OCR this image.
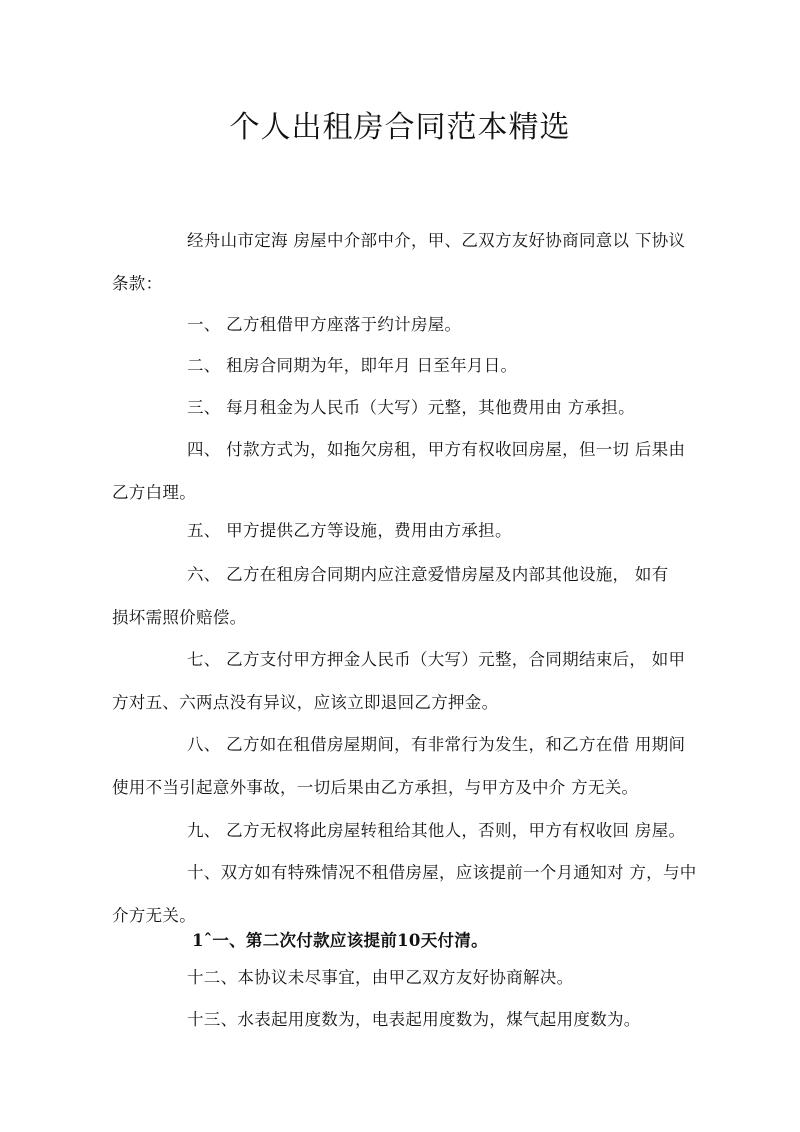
个人出租房合同范本精选
经舟山市定海 房屋中介部中介，甲、乙双方友好协商同意以 下协议
条款：
一、 乙方租借甲方座落于约计房屋。
二、 租房合同期为年，即年月 日至年月日。
三、 每月租金为人民币（大写）元整，其他费用由 方承担。
四、 付款方式为，如拖欠房租，甲方有权收回房屋，但一切 后果由
乙方白理。
五、 甲方提供乙方等设施，费用由方承担。
六、 乙方在租房合同期内应注意爱惜房屋及内部其他设施， 如有
损坏需照价赔偿。
七、 乙方支付甲方押金人民币（大写）元整，合同期结束后， 如甲
方对五、六两点没有异议，应该立即退回乙方押金。
八、 乙方如在租借房屋期间，有非常行为发生，和乙方在借 用期间
使用不当引起意外事故，一切后果由乙方承担，与甲方及中介 方无关。
九、 乙方无权将此房屋转租给其他人，否则，甲方有权收回 房屋。
十、双方如有特殊情况不租借房屋，应该提前一个月通知对 方，与中
介方无关。
1ˆ一、第二次付款应该提前10天付清。
十二、本协议未尽事宜，由甲乙双方友好协商解决。
十三、水表起用度数为，电表起用度数为，煤气起用度数为。
